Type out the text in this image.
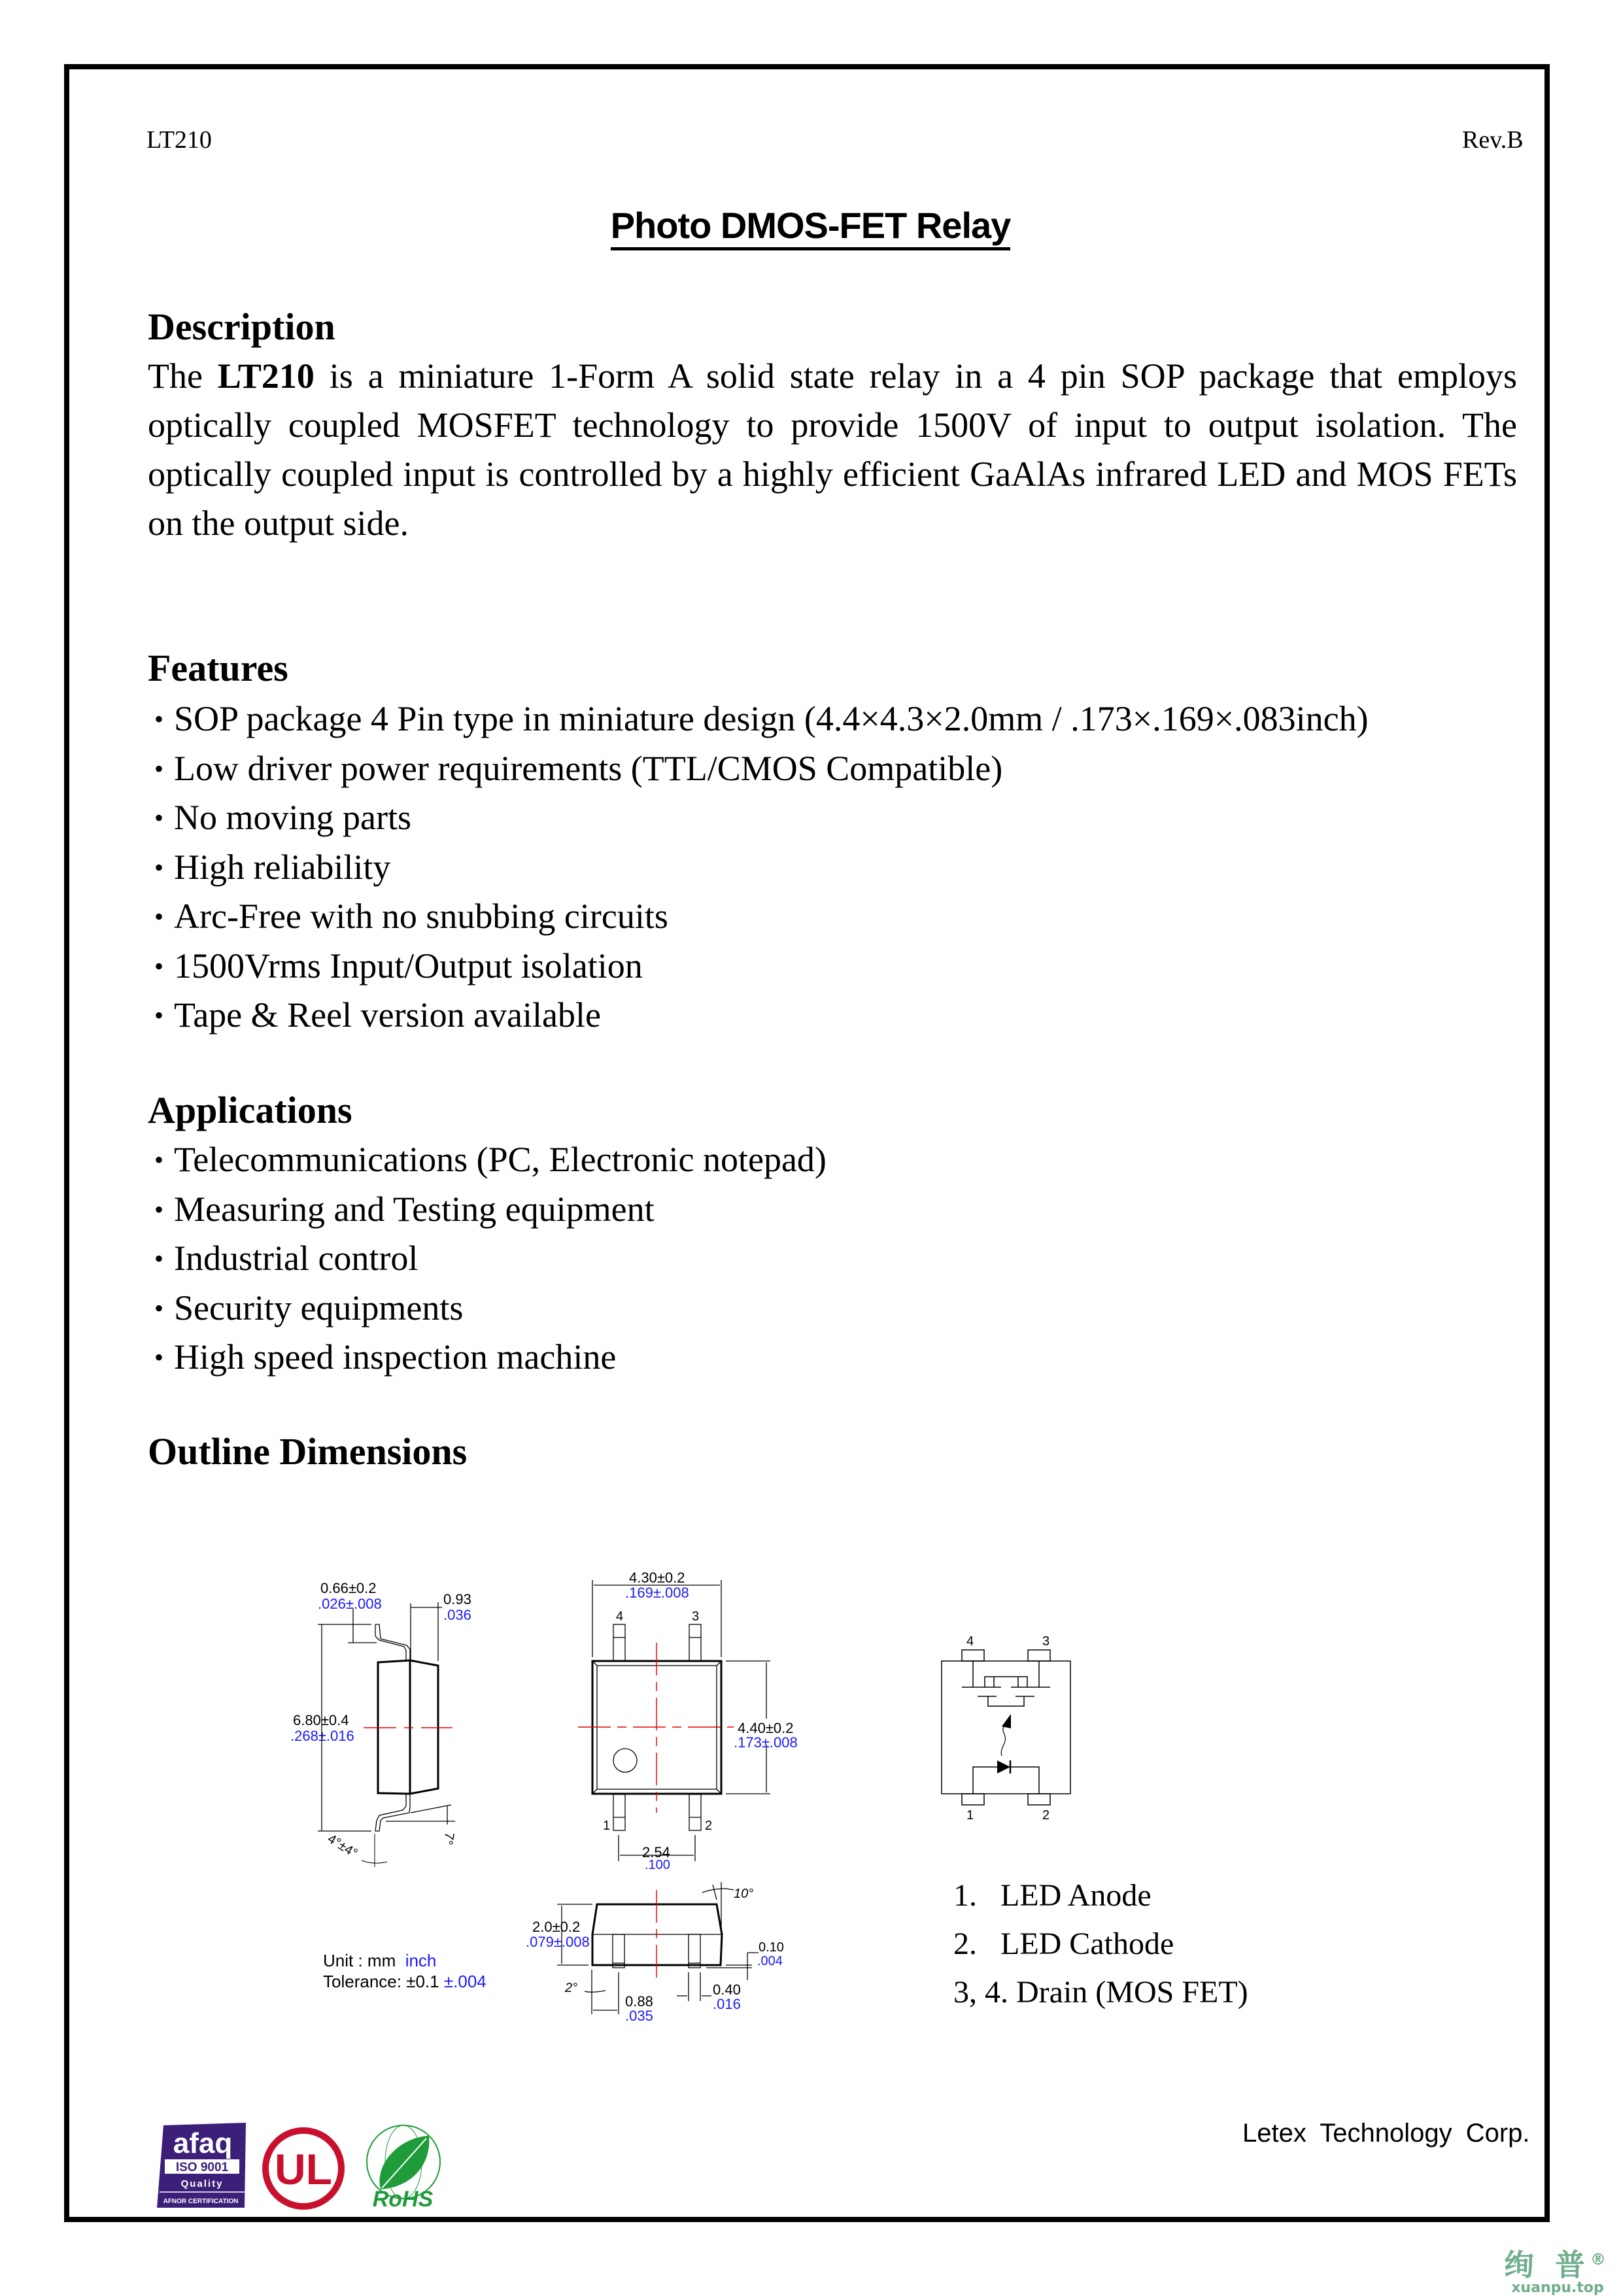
LT210	Rev.B
Photo DMOS-FET Relay
Description
The LT210 is a miniature 1-Form A solid state relay in a 4 pin SOP package that employs optically coupled MOSFET technology to provide 1500V of input to output isolation. The optically coupled input is controlled by a highly efficient GaAlAs infrared LED and MOS FETs on the output side.
Features
• SOP package 4 Pin type in miniature design (4.4×4.3×2.0mm / .173×.169×.083inch)
• Low driver power requirements (TTL/CMOS Compatible)
• No moving parts
• High reliability
• Arc-Free with no snubbing circuits
• 1500Vrms Input/Output isolation
• Tape & Reel version available
Applications
• Telecommunications (PC, Electronic notepad)
• Measuring and Testing equipment
• Industrial control
• Security equipments
• High speed inspection machine
Outline Dimensions
0.66±0.2
.026±.008	0.93
.036
6.80±0.4
.268±.016
7°
4°±4°
4.30±0.2
.169±.008
4.40±0.2
.173±.008
2.54
.100
4	3
1	2
2.0±0.2
.079±.008
10°
0.10
.004
2°
0.88
.035
0.40
.016
Unit : mm inch
Tolerance: ±0.1 ±.004
4	3
1	2
1.   LED Anode
2.   LED Cathode
3, 4. Drain (MOS FET)
afaq
ISO 9001
Quality
AFNOR CERTIFICATION
UL
RoHS
Letex Technology Corp.
绚 普®
xuanpu.top
